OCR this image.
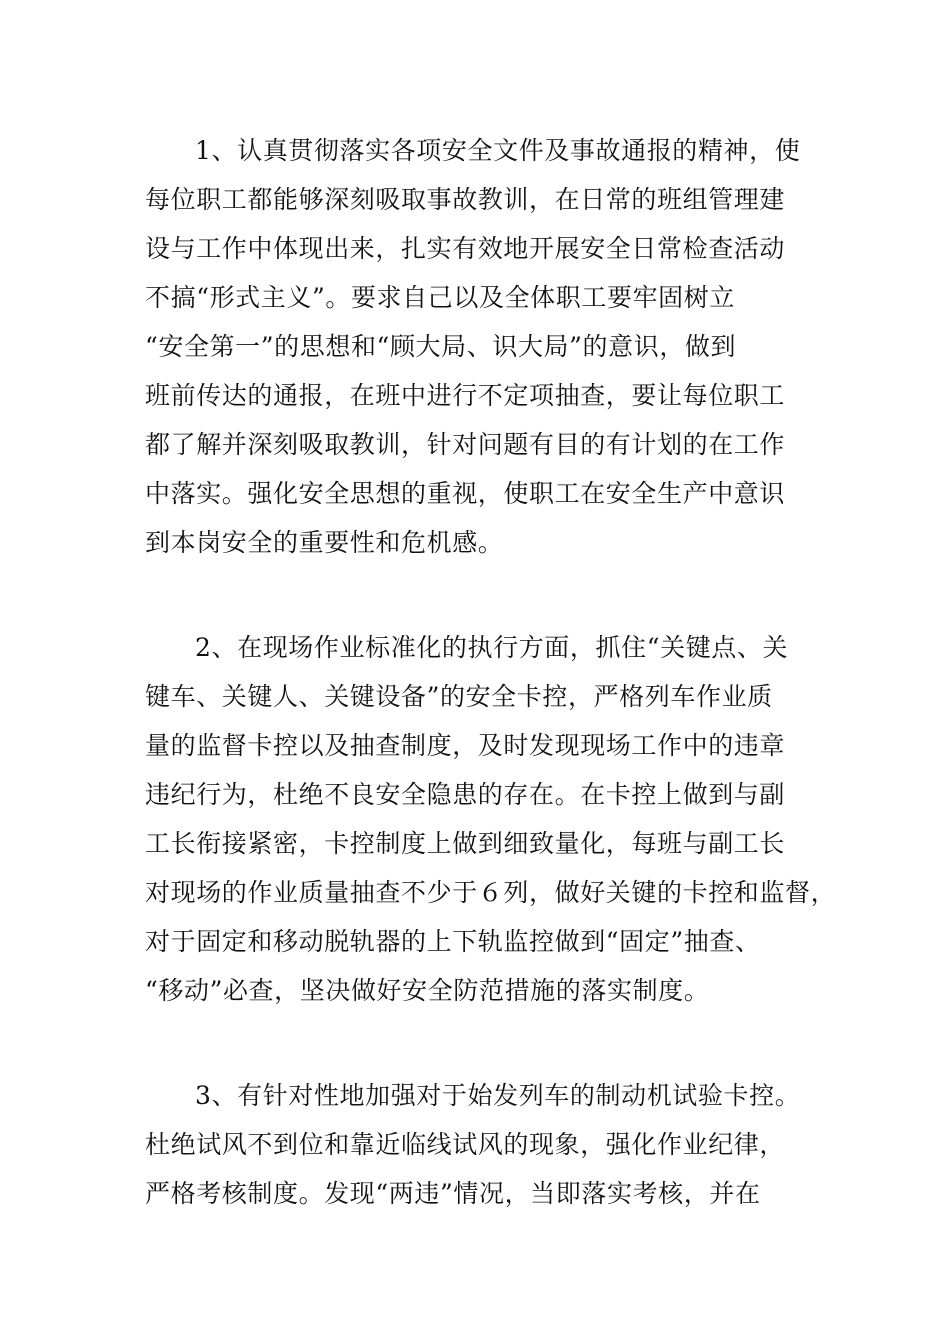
1、认真贯彻落实各项安全文件及事故通报的精神，使
每位职工都能够深刻吸取事故教训，在日常的班组管理建
设与工作中体现出来，扎实有效地开展安全日常检查活动
不搞“形式主义”。要求自己以及全体职工要牢固树立
“安全第一”的思想和“顾大局、识大局”的意识，做到
班前传达的通报，在班中进行不定项抽查，要让每位职工
都了解并深刻吸取教训，针对问题有目的有计划的在工作
中落实。强化安全思想的重视，使职工在安全生产中意识
到本岗安全的重要性和危机感。
2、在现场作业标准化的执行方面，抓住“关键点、关
键车、关键人、关键设备”的安全卡控，严格列车作业质
量的监督卡控以及抽查制度，及时发现现场工作中的违章
违纪行为，杜绝不良安全隐患的存在。在卡控上做到与副
工长衔接紧密，卡控制度上做到细致量化，每班与副工长
对现场的作业质量抽查不少于６列，做好关键的卡控和监督，
对于固定和移动脱轨器的上下轨监控做到“固定”抽查、
“移动”必查，坚决做好安全防范措施的落实制度。
3、有针对性地加强对于始发列车的制动机试验卡控。
杜绝试风不到位和靠近临线试风的现象，强化作业纪律，
严格考核制度。发现“两违”情况，当即落实考核，并在
